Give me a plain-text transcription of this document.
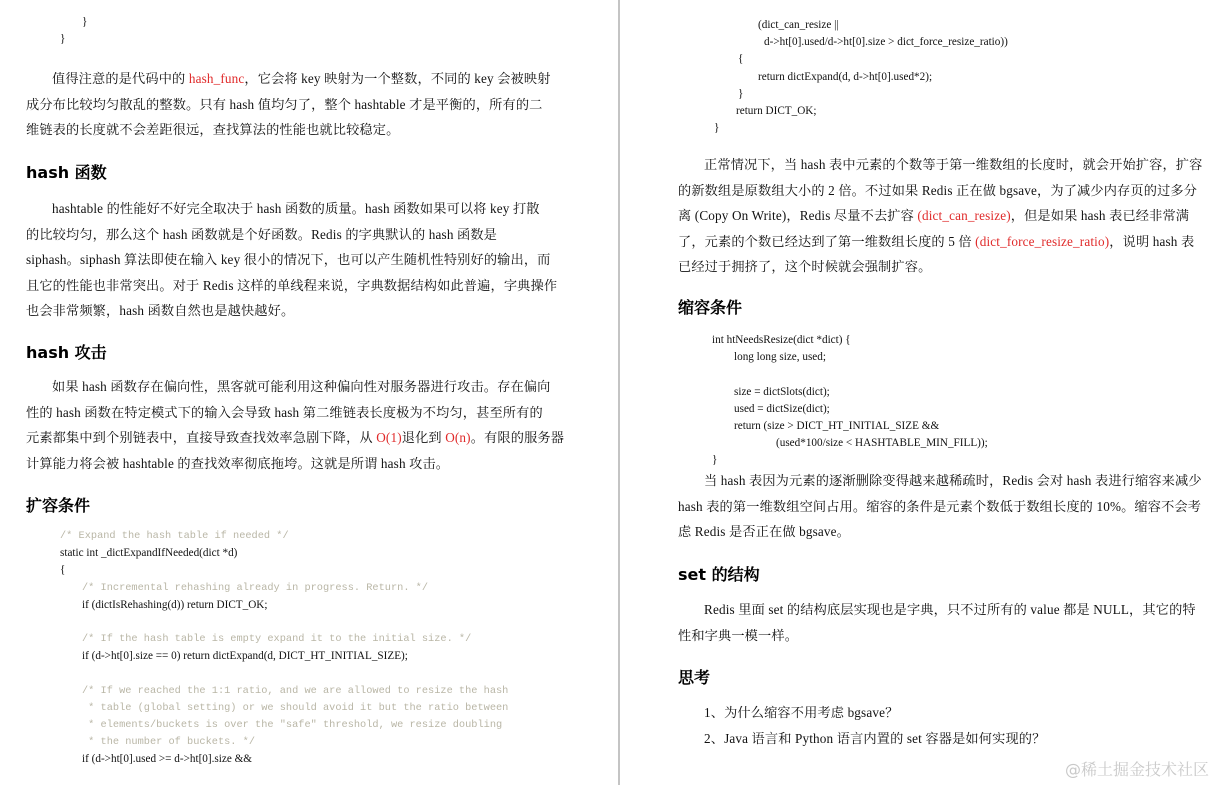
}
}
值得注意的是代码中的 hash_func，它会将 key 映射为一个整数，不同的 key 会被映射
成分布比较均匀散乱的整数。只有 hash 值均匀了，整个 hashtable 才是平衡的，所有的二
维链表的长度就不会差距很远，查找算法的性能也就比较稳定。
hash 函数
hashtable 的性能好不好完全取决于 hash 函数的质量。hash 函数如果可以将 key 打散
的比较均匀，那么这个 hash 函数就是个好函数。Redis 的字典默认的 hash 函数是
siphash。siphash 算法即使在输入 key 很小的情况下，也可以产生随机性特别好的输出，而
且它的性能也非常突出。对于 Redis 这样的单线程来说，字典数据结构如此普遍，字典操作
也会非常频繁，hash 函数自然也是越快越好。
hash 攻击
如果 hash 函数存在偏向性，黑客就可能利用这种偏向性对服务器进行攻击。存在偏向
性的 hash 函数在特定模式下的输入会导致 hash 第二维链表长度极为不均匀，甚至所有的
元素都集中到个别链表中，直接导致查找效率急剧下降，从 O(1)退化到 O(n)。有限的服务器
计算能力将会被 hashtable 的查找效率彻底拖垮。这就是所谓 hash 攻击。
扩容条件
/* Expand the hash table if needed */
static int _dictExpandIfNeeded(dict *d)
{
/* Incremental rehashing already in progress. Return. */
if (dictIsRehashing(d)) return DICT_OK;
/* If the hash table is empty expand it to the initial size. */
if (d->ht[0].size == 0) return dictExpand(d, DICT_HT_INITIAL_SIZE);
/* If we reached the 1:1 ratio, and we are allowed to resize the hash
* table (global setting) or we should avoid it but the ratio between
* elements/buckets is over the "safe" threshold, we resize doubling
* the number of buckets. */
if (d->ht[0].used >= d->ht[0].size &&
(dict_can_resize ||
d->ht[0].used/d->ht[0].size > dict_force_resize_ratio))
{
return dictExpand(d, d->ht[0].used*2);
}
return DICT_OK;
}
正常情况下，当 hash 表中元素的个数等于第一维数组的长度时，就会开始扩容，扩容
的新数组是原数组大小的 2 倍。不过如果 Redis 正在做 bgsave，为了减少内存页的过多分
离 (Copy On Write)，Redis 尽量不去扩容 (dict_can_resize)，但是如果 hash 表已经非常满
了，元素的个数已经达到了第一维数组长度的 5 倍 (dict_force_resize_ratio)，说明 hash 表
已经过于拥挤了，这个时候就会强制扩容。
缩容条件
int htNeedsResize(dict *dict) {
long long size, used;
size = dictSlots(dict);
used = dictSize(dict);
return (size > DICT_HT_INITIAL_SIZE &&
(used*100/size < HASHTABLE_MIN_FILL));
}
当 hash 表因为元素的逐渐删除变得越来越稀疏时，Redis 会对 hash 表进行缩容来减少
hash 表的第一维数组空间占用。缩容的条件是元素个数低于数组长度的 10%。缩容不会考
虑 Redis 是否正在做 bgsave。
set 的结构
Redis 里面 set 的结构底层实现也是字典，只不过所有的 value 都是 NULL，其它的特
性和字典一模一样。
思考
1、为什么缩容不用考虑 bgsave？
2、Java 语言和 Python 语言内置的 set 容器是如何实现的？
@稀土掘金技术社区
